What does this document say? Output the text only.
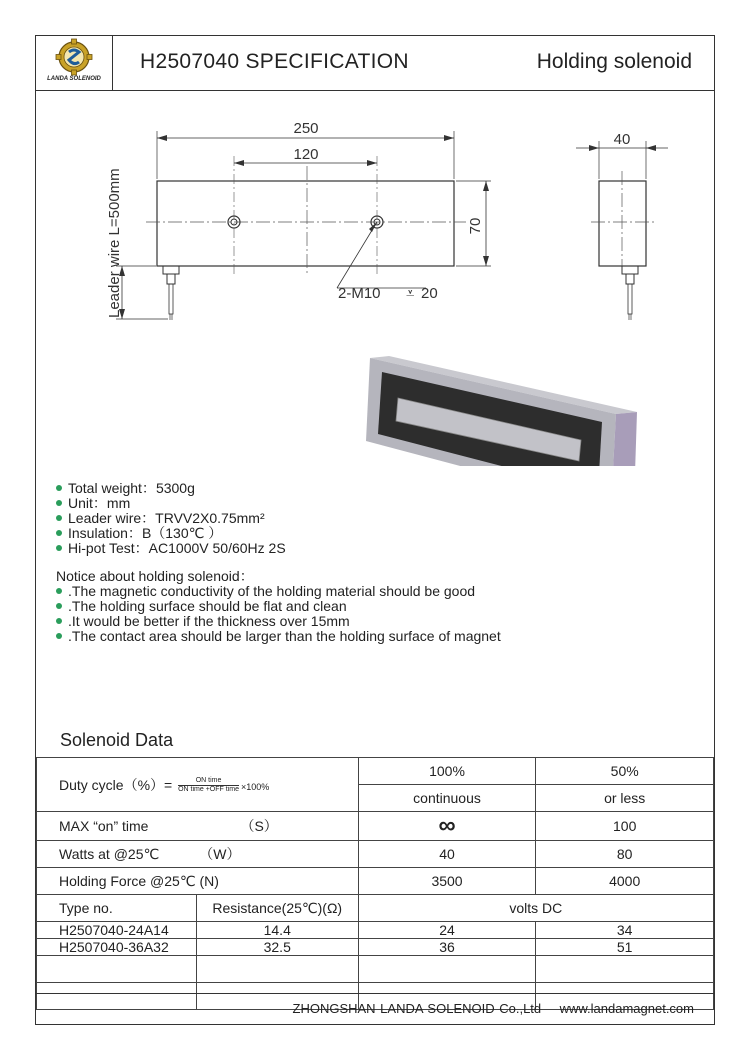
LANDA SOLENOID
H2507040 SPECIFICATION	Holding solenoid
250
120
70
2-M10 ⩡ 20
Leader wire L=500mm
40
Total weight：5300g
Unit：mm
Leader wire：TRVV2X0.75mm²
Insulation：B（130℃ ）
Hi-pot Test：AC1000V 50/60Hz 2S
Notice about holding solenoid：
.The magnetic conductivity of the holding material should be good
.The holding surface should be flat and clean
.It would be better if the thickness over 15mm
.The contact area should be larger than the holding surface of magnet
Solenoid Data
Duty cycle（%）= $\frac{\text{ON time}}{\text{ON time +OFF time}} \times 100\%$		100%	50%
		continuous	or less
MAX “on” time （S）		∞	100
Watts at @25℃ （W）		40	80
Holding Force @25℃ (N)		3500	4000
Type no.	Resistance(25℃)(Ω)	volts DC	
H2507040-24A14	14.4	24	34
H2507040-36A32	32.5	36	51

ZHONGSHAN LANDA SOLENOID Co.,Ltd www.landamagnet.com
